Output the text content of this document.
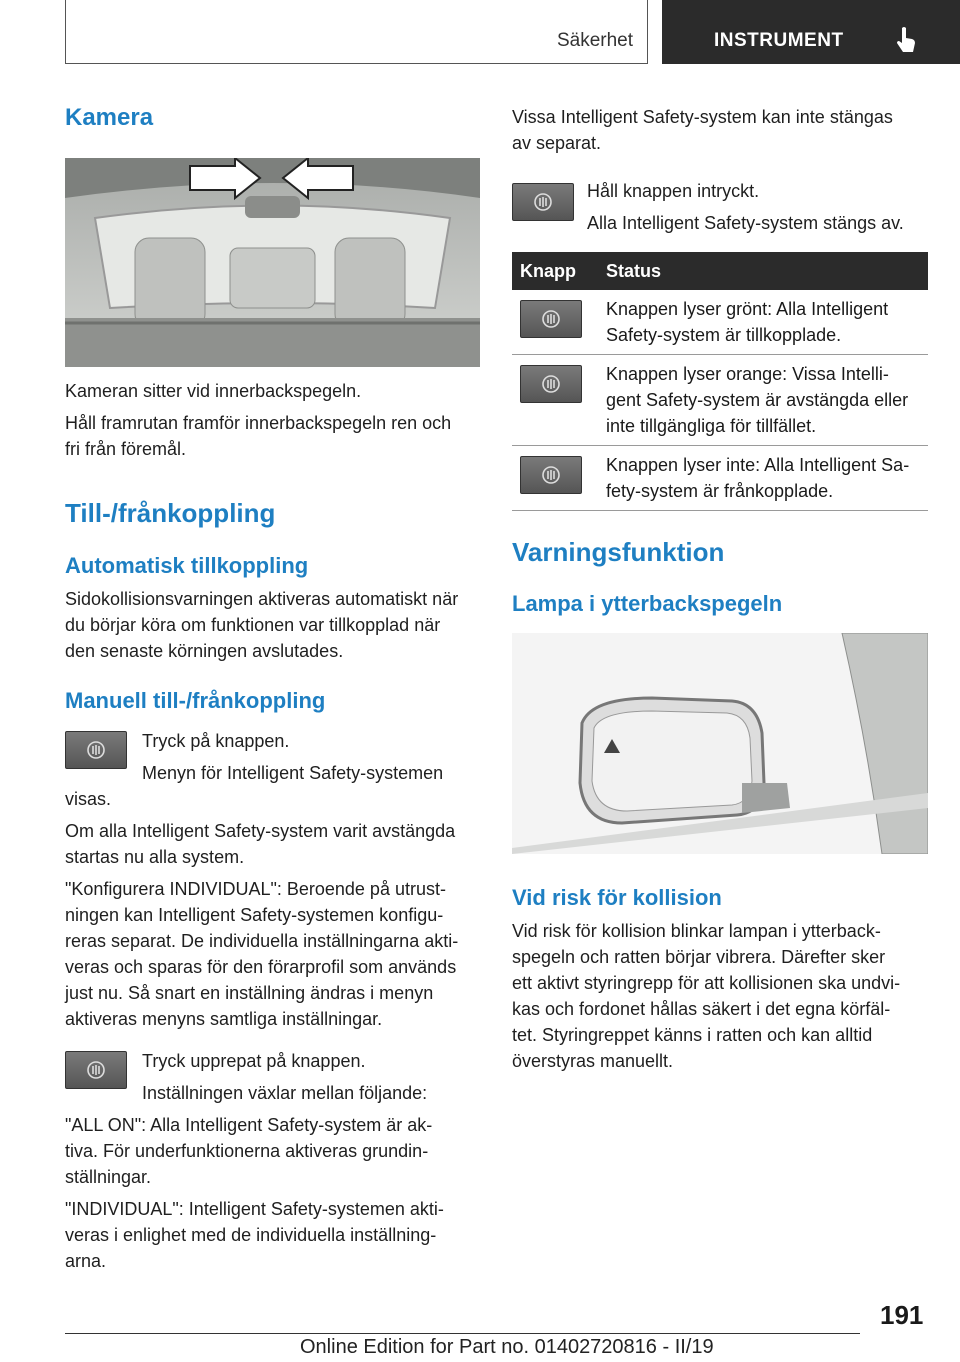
Säkerhet	INSTRUMENT
Kamera
Kameran sitter vid innerbackspegeln.
Håll framrutan framför innerbackspegeln ren och
fri från föremål.
Till-/frånkoppling
Automatisk tillkoppling
Sidokollisionsvarningen aktiveras automatiskt när
du börjar köra om funktionen var tillkopplad när
den senaste körningen avslutades.
Manuell till-/frånkoppling
Tryck på knappen.
Menyn för Intelligent Safety-systemen
visas.
Om alla Intelligent Safety-system varit avstängda
startas nu alla system.
"Konfigurera INDIVIDUAL": Beroende på utrust-
ningen kan Intelligent Safety-systemen konfigu-
reras separat. De individuella inställningarna akti-
veras och sparas för den förarprofil som används
just nu. Så snart en inställning ändras i menyn
aktiveras menyns samtliga inställningar.
Tryck upprepat på knappen.
Inställningen växlar mellan följande:
"ALL ON": Alla Intelligent Safety-system är ak-
tiva. För underfunktionerna aktiveras grundin-
ställningar.
"INDIVIDUAL": Intelligent Safety-systemen akti-
veras i enlighet med de individuella inställning-
arna.
Vissa Intelligent Safety-system kan inte stängas
av separat.
Håll knappen intryckt.
Alla Intelligent Safety-system stängs av.
Knapp	Status

Knappen lyser grönt: Alla Intelligent
Safety-system är tillkopplade.

Knappen lyser orange: Vissa Intelli-
gent Safety-system är avstängda eller
inte tillgängliga för tillfället.

Knappen lyser inte: Alla Intelligent Sa-
fety-system är frånkopplade.
Varningsfunktion
Lampa i ytterbackspegeln
Vid risk för kollision
Vid risk för kollision blinkar lampan i ytterback-
spegeln och ratten börjar vibrera. Därefter sker
ett aktivt styringrepp för att kollisionen ska undvi-
kas och fordonet hållas säkert i det egna körfäl-
tet. Styringreppet känns i ratten och kan alltid
överstyras manuellt.
191
Online Edition for Part no. 01402720816 - II/19
